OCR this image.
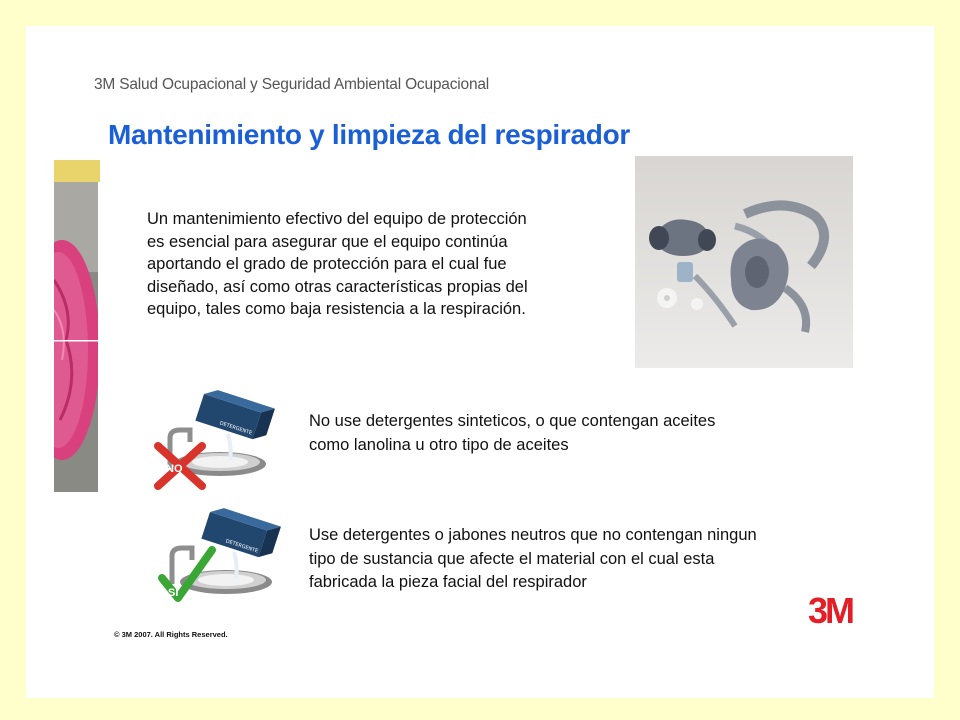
3M Salud Ocupacional y Seguridad Ambiental Ocupacional
Mantenimiento y limpieza del respirador

Un mantenimiento efectivo del equipo de protección

es esencial para asegurar que el equipo continúa

aportando el grado de protección para el cual fue

diseñado, así como otras características propias del

equipo, tales como baja resistencia a la respiración.

DETERGENTE
NO

No use detergentes sinteticos, o que contengan aceites

como lanolina u otro tipo de aceites

DETERGENTE
SI

Use detergentes o jabones neutros que no contengan ningun

tipo de sustancia que afecte el material con el cual esta

fabricada la pieza facial del respirador

© 3M 2007. All Rights Reserved.
3M
